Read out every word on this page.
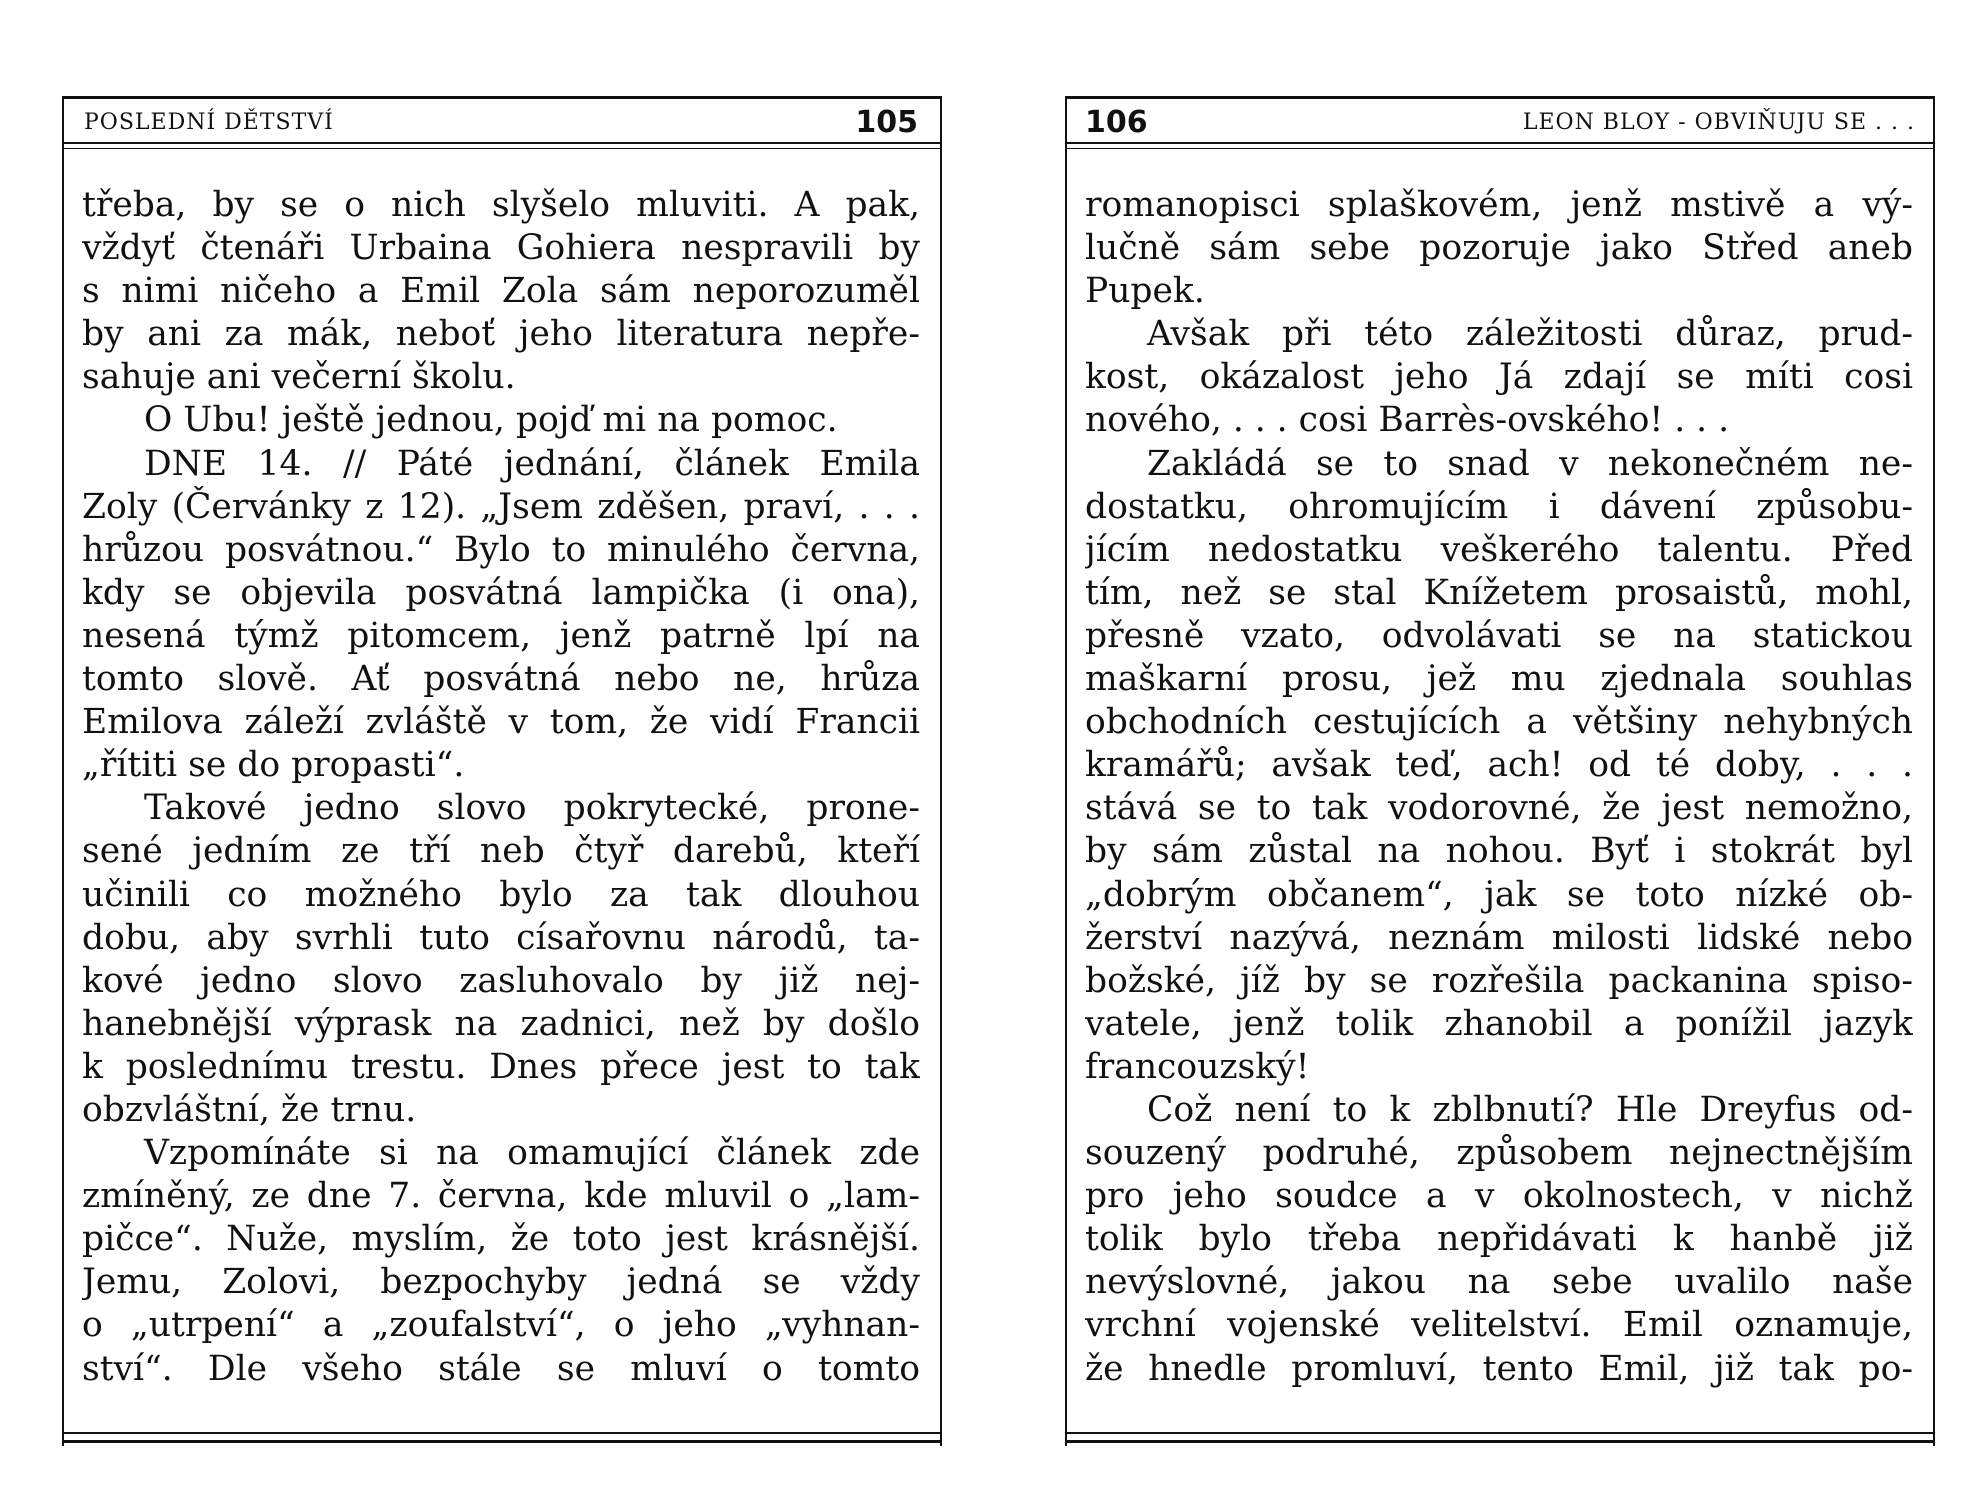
POSLEDNÍ DĚTSTVÍ	105
třeba, by se o nich slyšelo mluviti. A pak,
vždyť čtenáři Urbaina Gohiera nespravili by
s nimi ničeho a Emil Zola sám neporozuměl
by ani za mák, neboť jeho literatura nepře-
sahuje ani večerní školu.
O Ubu! ještě jednou, pojď mi na pomoc.
DNE 14. // Páté jednání, článek Emila
Zoly (Červánky z 12). „Jsem zděšen, praví, . . .
hrůzou posvátnou.“ Bylo to minulého června,
kdy se objevila posvátná lampička (i ona),
nesená týmž pitomcem, jenž patrně lpí na
tomto slově. Ať posvátná nebo ne, hrůza
Emilova záleží zvláště v tom, že vidí Francii
„řítiti se do propasti“.
Takové jedno slovo pokrytecké, prone-
sené jedním ze tří neb čtyř darebů, kteří
učinili co možného bylo za tak dlouhou
dobu, aby svrhli tuto císařovnu národů, ta-
kové jedno slovo zasluhovalo by již nej-
hanebnější výprask na zadnici, než by došlo
k poslednímu trestu. Dnes přece jest to tak
obzvláštní, že trnu.
Vzpomínáte si na omamující článek zde
zmíněný, ze dne 7. června, kde mluvil o „lam-
pičce“. Nuže, myslím, že toto jest krásnější.
Jemu, Zolovi, bezpochyby jedná se vždy
o „utrpení“ a „zoufalství“, o jeho „vyhnan-
ství“. Dle všeho stále se mluví o tomto
106	LEON BLOY - OBVIŇUJU SE . . .
romanopisci splaškovém, jenž mstivě a vý-
lučně sám sebe pozoruje jako Střed aneb
Pupek.
Avšak při této záležitosti důraz, prud-
kost, okázalost jeho Já zdají se míti cosi
nového, . . . cosi Barrès-ovského! . . .
Zakládá se to snad v nekonečném ne-
dostatku, ohromujícím i dávení způsobu-
jícím nedostatku veškerého talentu. Před
tím, než se stal Knížetem prosaistů, mohl,
přesně vzato, odvolávati se na statickou
maškarní prosu, jež mu zjednala souhlas
obchodních cestujících a většiny nehybných
kramářů; avšak teď, ach! od té doby, . . .
stává se to tak vodorovné, že jest nemožno,
by sám zůstal na nohou. Byť i stokrát byl
„dobrým občanem“, jak se toto nízké ob-
žerství nazývá, neznám milosti lidské nebo
božské, jíž by se rozřešila packanina spiso-
vatele, jenž tolik zhanobil a ponížil jazyk
francouzský!
Což není to k zblbnutí? Hle Dreyfus od-
souzený podruhé, způsobem nejnectnějším
pro jeho soudce a v okolnostech, v nichž
tolik bylo třeba nepřidávati k hanbě již
nevýslovné, jakou na sebe uvalilo naše
vrchní vojenské velitelství. Emil oznamuje,
že hnedle promluví, tento Emil, již tak po-
